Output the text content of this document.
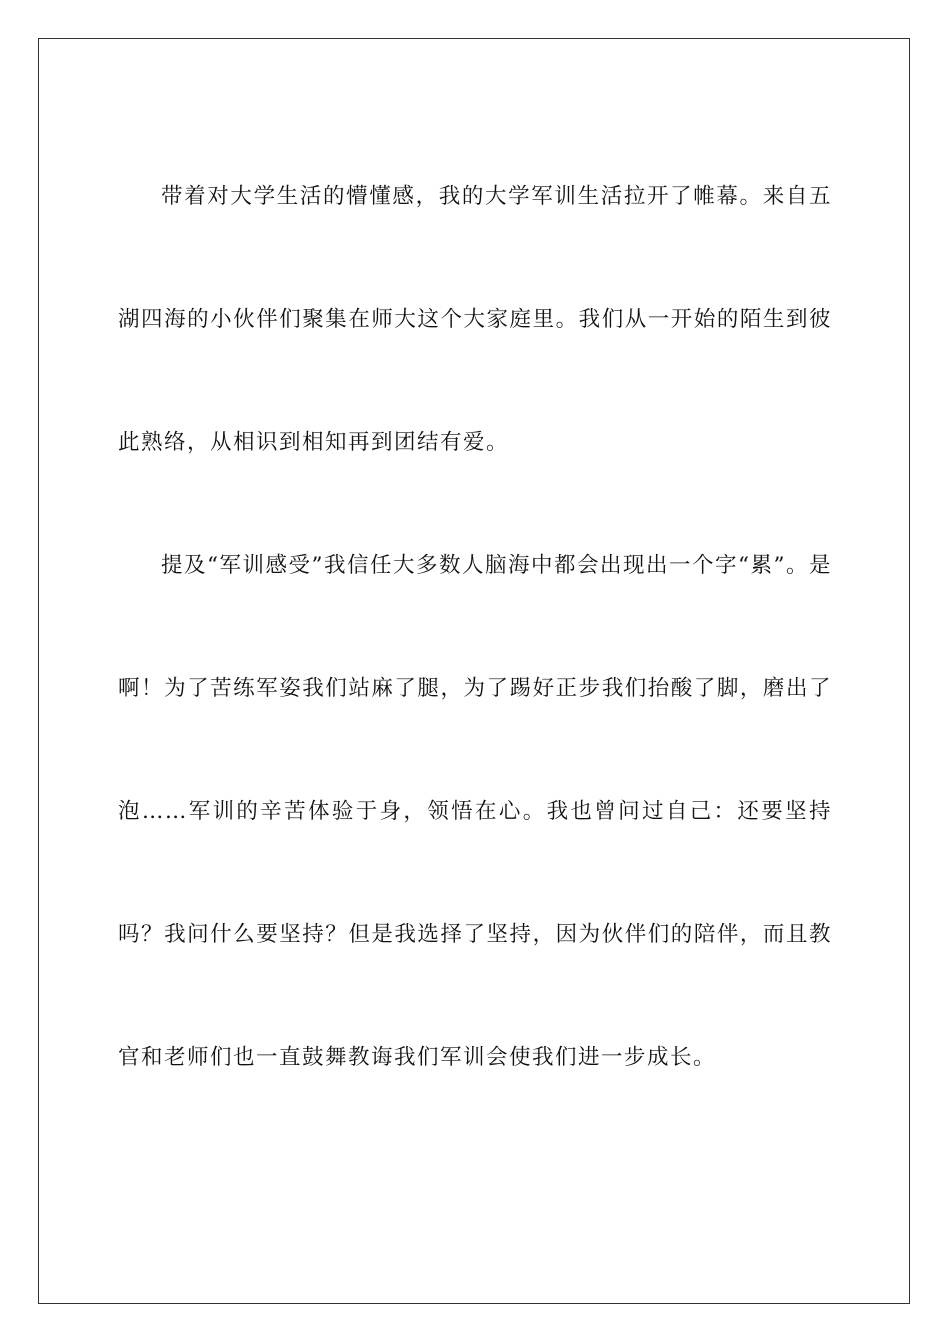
带着对大学生活的懵懂感，我的大学军训生活拉开了帷幕。来自五湖四海的小伙伴们聚集在师大这个大家庭里。我们从一开始的陌生到彼此熟络，从相识到相知再到团结有爱。

提及“军训感受”我信任大多数人脑海中都会出现出一个字“累”。是啊！为了苦练军姿我们站麻了腿，为了踢好正步我们抬酸了脚，磨出了泡……军训的辛苦体验于身，领悟在心。我也曾问过自己：还要坚持吗？我问什么要坚持？但是我选择了坚持，因为伙伴们的陪伴，而且教官和老师们也一直鼓舞教诲我们军训会使我们进一步成长。
